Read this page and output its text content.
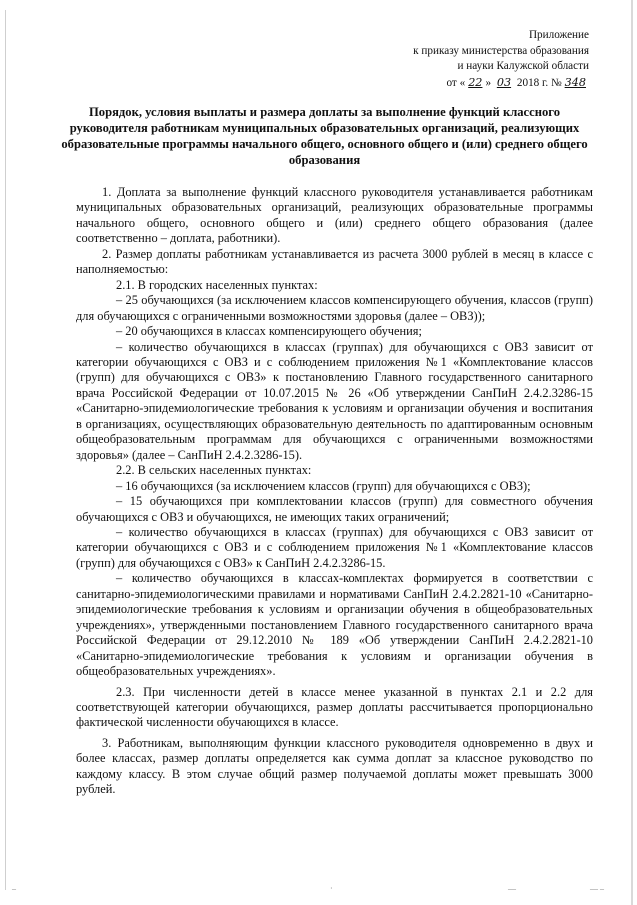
Приложение
к приказу министерства образования
и науки Калужской области
от « 22 » 03 2018 г. № 348
Порядок, условия выплаты и размера доплаты за выполнение функций классного руководителя работникам муниципальных образовательных организаций, реализующих образовательные программы начального общего, основного общего и (или) среднего общего образования

1. Доплата за выполнение функций классного руководителя устанавливается работникам муниципальных образовательных организаций, реализующих образовательные программы начального общего, основного общего и (или) среднего общего образования (далее соответственно – доплата, работники).

2. Размер доплаты работникам устанавливается из расчета 3000 рублей в месяц в классе с наполняемостью:

2.1. В городских населенных пунктах:

– 25 обучающихся (за исключением классов компенсирующего обучения, классов (групп) для обучающихся с ограниченными возможностями здоровья (далее – ОВЗ));

– 20 обучающихся в классах компенсирующего обучения;

– количество обучающихся в классах (группах) для обучающихся с ОВЗ зависит от категории обучающихся с ОВЗ и с соблюдением приложения №1 «Комплектование классов (групп) для обучающихся с ОВЗ» к постановлению Главного государственного санитарного врача Российской Федерации от 10.07.2015 № 26 «Об утверждении СанПиН 2.4.2.3286-15 «Санитарно-эпидемиологические требования к условиям и организации обучения и воспитания в организациях, осуществляющих образовательную деятельность по адаптированным основным общеобразовательным программам для обучающихся с ограниченными возможностями здоровья» (далее – СанПиН 2.4.2.3286-15).

2.2. В сельских населенных пунктах:

– 16 обучающихся (за исключением классов (групп) для обучающихся с ОВЗ);

– 15 обучающихся при комплектовании классов (групп) для совместного обучения обучающихся с ОВЗ и обучающихся, не имеющих таких ограничений;

– количество обучающихся в классах (группах) для обучающихся с ОВЗ зависит от категории обучающихся с ОВЗ и с соблюдением приложения №1 «Комплектование классов (групп) для обучающихся с ОВЗ» к СанПиН 2.4.2.3286-15.

– количество обучающихся в классах-комплектах формируется в соответствии с санитарно-эпидемиологическими правилами и нормативами СанПиН 2.4.2.2821-10 «Санитарно-эпидемиологические требования к условиям и организации обучения в общеобразовательных учреждениях», утвержденными постановлением Главного государственного санитарного врача Российской Федерации от 29.12.2010 № 189 «Об утверждении СанПиН 2.4.2.2821-10 «Санитарно-эпидемиологические требования к условиям и организации обучения в общеобразовательных учреждениях».

2.3. При численности детей в классе менее указанной в пунктах 2.1 и 2.2 для соответствующей категории обучающихся, размер доплаты рассчитывается пропорционально фактической численности обучающихся в классе.

3. Работникам, выполняющим функции классного руководителя одновременно в двух и более классах, размер доплаты определяется как сумма доплат за классное руководство по каждому классу. В этом случае общий размер получаемой доплаты может превышать 3000 рублей.

–	·	—	— –
